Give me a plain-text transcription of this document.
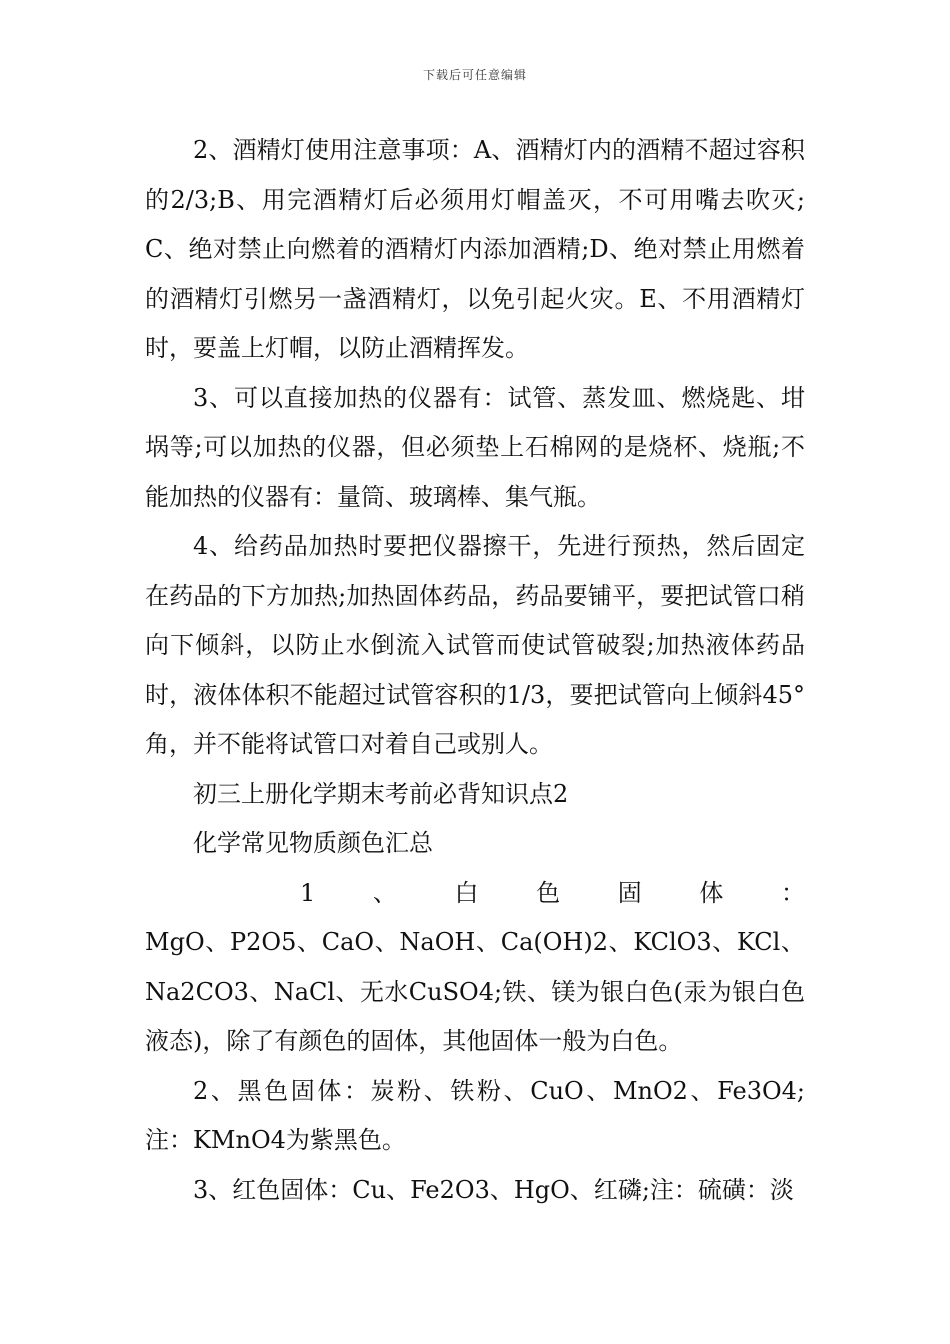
下载后可任意编辑

2、酒精灯使用注意事项：A、酒精灯内的酒精不超过容积的2/3;B、用完酒精灯后必须用灯帽盖灭，不可用嘴去吹灭;C、绝对禁止向燃着的酒精灯内添加酒精;D、绝对禁止用燃着的酒精灯引燃另一盏酒精灯，以免引起火灾。E、不用酒精灯时，要盖上灯帽，以防止酒精挥发。

3、可以直接加热的仪器有：试管、蒸发皿、燃烧匙、坩埚等;可以加热的仪器，但必须垫上石棉网的是烧杯、烧瓶;不能加热的仪器有：量筒、玻璃棒、集气瓶。

4、给药品加热时要把仪器擦干，先进行预热，然后固定在药品的下方加热;加热固体药品，药品要铺平，要把试管口稍向下倾斜，以防止水倒流入试管而使试管破裂;加热液体药品时，液体体积不能超过试管容积的1/3，要把试管向上倾斜45°角，并不能将试管口对着自己或别人。

初三上册化学期末考前必背知识点2

化学常见物质颜色汇总

1 、 白 色 固 体 ：

MgO、P2O5、CaO、NaOH、Ca(OH)2、KClO3、KCl、Na2CO3、NaCl、无水CuSO4;铁、镁为银白色(汞为银白色液态)，除了有颜色的固体，其他固体一般为白色。

2、黑色固体：炭粉、铁粉、CuO、MnO2、Fe3O4;注：KMnO4为紫黑色。

3、红色固体：Cu、Fe2O3、HgO、红磷;注：硫磺：淡
